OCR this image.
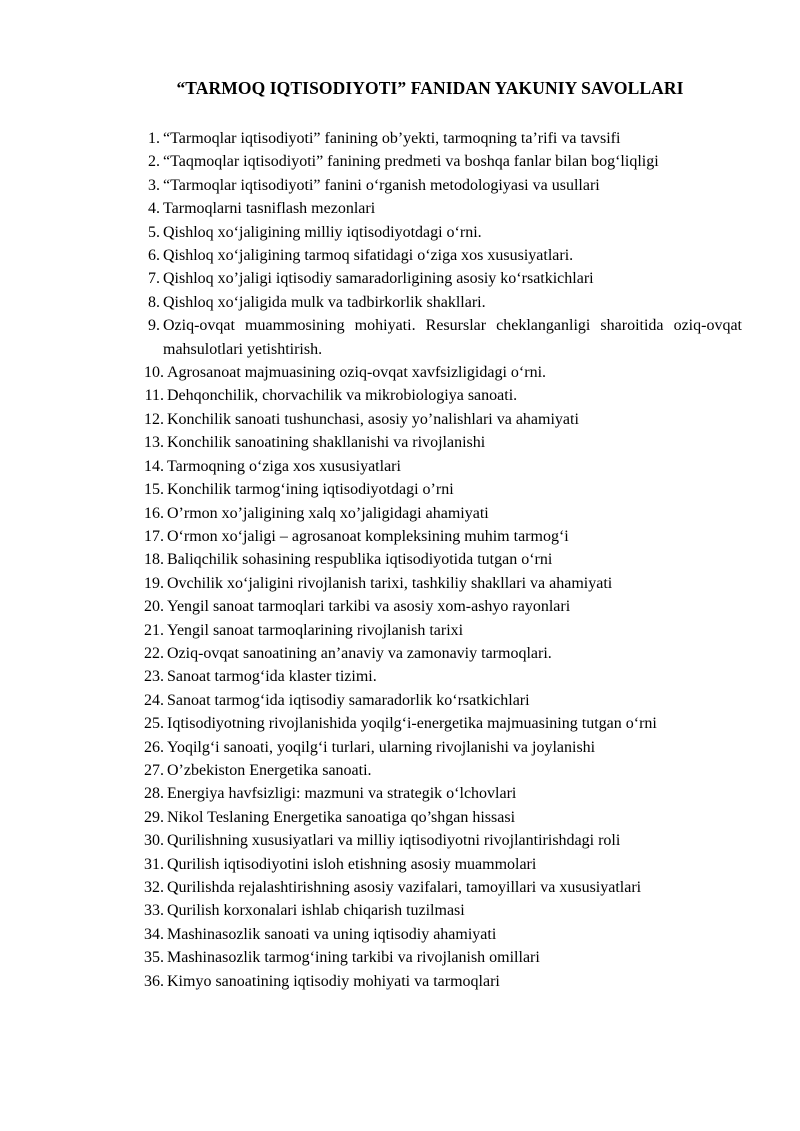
“TARMOQ IQTISODIYOTI” FANIDAN YAKUNIY SAVOLLARI
1. “Tarmoqlar iqtisodiyoti” fanining ob’yekti, tarmoqning ta’rifi va tavsifi
2. “Taqmoqlar iqtisodiyoti” fanining predmeti va boshqa fanlar bilan bog‘liqligi
3. “Tarmoqlar iqtisodiyoti” fanini o‘rganish metodologiyasi va usullari
4. Tarmoqlarni tasniflash mezonlari
5. Qishloq xo‘jaligining milliy iqtisodiyotdagi o‘rni.
6. Qishloq xo‘jaligining tarmoq sifatidagi o‘ziga xos xususiyatlari.
7. Qishloq xo’jaligi iqtisodiy samaradorligining asosiy ko‘rsatkichlari
8. Qishloq xo‘jaligida mulk va tadbirkorlik shakllari.
9. Oziq-ovqat muammosining mohiyati. Resurslar cheklanganligi sharoitida oziq-ovqat mahsulotlari yetishtirish.
10. Agrosanoat majmuasining oziq-ovqat xavfsizligidagi o‘rni.
11. Dehqonchilik, chorvachilik va mikrobiologiya sanoati.
12. Konchilik sanoati tushunchasi, asosiy yo’nalishlari va ahamiyati
13. Konchilik sanoatining shakllanishi va rivojlanishi
14. Tarmoqning o‘ziga xos xususiyatlari
15. Konchilik tarmog‘ining iqtisodiyotdagi o’rni
16. O’rmon xo’jaligining xalq xo’jaligidagi ahamiyati
17. O‘rmon xo‘jaligi – agrosanoat kompleksining muhim tarmog‘i
18. Baliqchilik sohasining respublika iqtisodiyotida tutgan o‘rni
19. Ovchilik xo‘jaligini rivojlanish tarixi, tashkiliy shakllari va ahamiyati
20. Yengil sanoat tarmoqlari tarkibi va asosiy xom-ashyo rayonlari
21. Yengil sanoat tarmoqlarining rivojlanish tarixi
22. Oziq-ovqat sanoatining an’anaviy va zamonaviy tarmoqlari.
23. Sanoat tarmog‘ida klaster tizimi.
24. Sanoat tarmog‘ida iqtisodiy samaradorlik ko‘rsatkichlari
25. Iqtisodiyotning rivojlanishida yoqilg‘i-energetika majmuasining tutgan o‘rni
26. Yoqilg‘i sanoati, yoqilg‘i turlari, ularning rivojlanishi va joylanishi
27. O’zbekiston Energetika sanoati.
28. Energiya havfsizligi: mazmuni va strategik o‘lchovlari
29. Nikol Teslaning Energetika sanoatiga qo’shgan hissasi
30. Qurilishning xususiyatlari va milliy iqtisodiyotni rivojlantirishdagi roli
31. Qurilish iqtisodiyotini isloh etishning asosiy muammolari
32. Qurilishda rejalashtirishning asosiy vazifalari, tamoyillari va xususiyatlari
33. Qurilish korxonalari ishlab chiqarish tuzilmasi
34. Mashinasozlik sanoati va uning iqtisodiy ahamiyati
35. Mashinasozlik tarmog‘ining tarkibi va rivojlanish omillari
36. Kimyo sanoatining iqtisodiy mohiyati va tarmoqlari
